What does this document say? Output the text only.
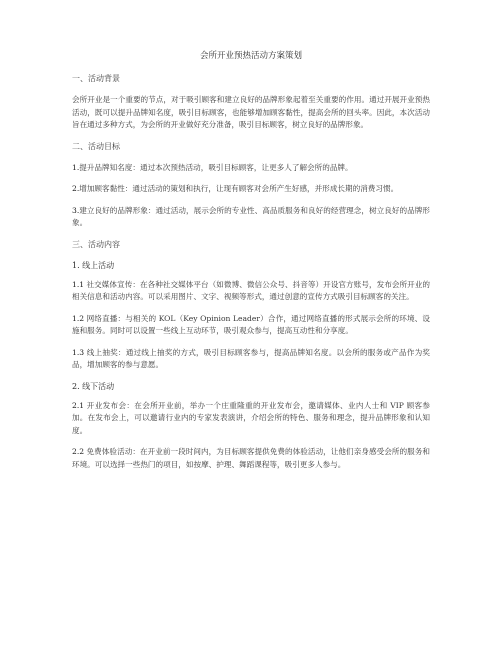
会所开业预热活动方案策划
一、活动背景
会所开业是一个重要的节点，对于吸引顾客和建立良好的品牌形象起着至关重要的作用。通过开展开业预热活动，既可以提升品牌知名度，吸引目标顾客，也能够增加顾客黏性，提高会所的回头率。因此，本次活动旨在通过多种方式，为会所的开业做好充分准备，吸引目标顾客，树立良好的品牌形象。
二、活动目标
1.提升品牌知名度：通过本次预热活动，吸引目标顾客，让更多人了解会所的品牌。
2.增加顾客黏性：通过活动的策划和执行，让现有顾客对会所产生好感，并形成长期的消费习惯。
3.建立良好的品牌形象：通过活动，展示会所的专业性、高品质服务和良好的经营理念，树立良好的品牌形象。
三、活动内容
1. 线上活动
1.1 社交媒体宣传：在各种社交媒体平台（如微博、微信公众号、抖音等）开设官方账号，发布会所开业的相关信息和活动内容。可以采用图片、文字、视频等形式，通过创意的宣传方式吸引目标顾客的关注。
1.2 网络直播：与相关的 KOL（Key Opinion Leader）合作，通过网络直播的形式展示会所的环境、设施和服务。同时可以设置一些线上互动环节，吸引观众参与，提高互动性和分享度。
1.3 线上抽奖：通过线上抽奖的方式，吸引目标顾客参与，提高品牌知名度。以会所的服务或产品作为奖品，增加顾客的参与意愿。
2. 线下活动
2.1 开业发布会：在会所开业前，举办一个庄重隆重的开业发布会，邀请媒体、业内人士和 VIP 顾客参加。在发布会上，可以邀请行业内的专家发表演讲，介绍会所的特色、服务和理念，提升品牌形象和认知度。
2.2 免费体验活动：在开业前一段时间内，为目标顾客提供免费的体验活动，让他们亲身感受会所的服务和环境。可以选择一些热门的项目，如按摩、护理、舞蹈课程等，吸引更多人参与。
